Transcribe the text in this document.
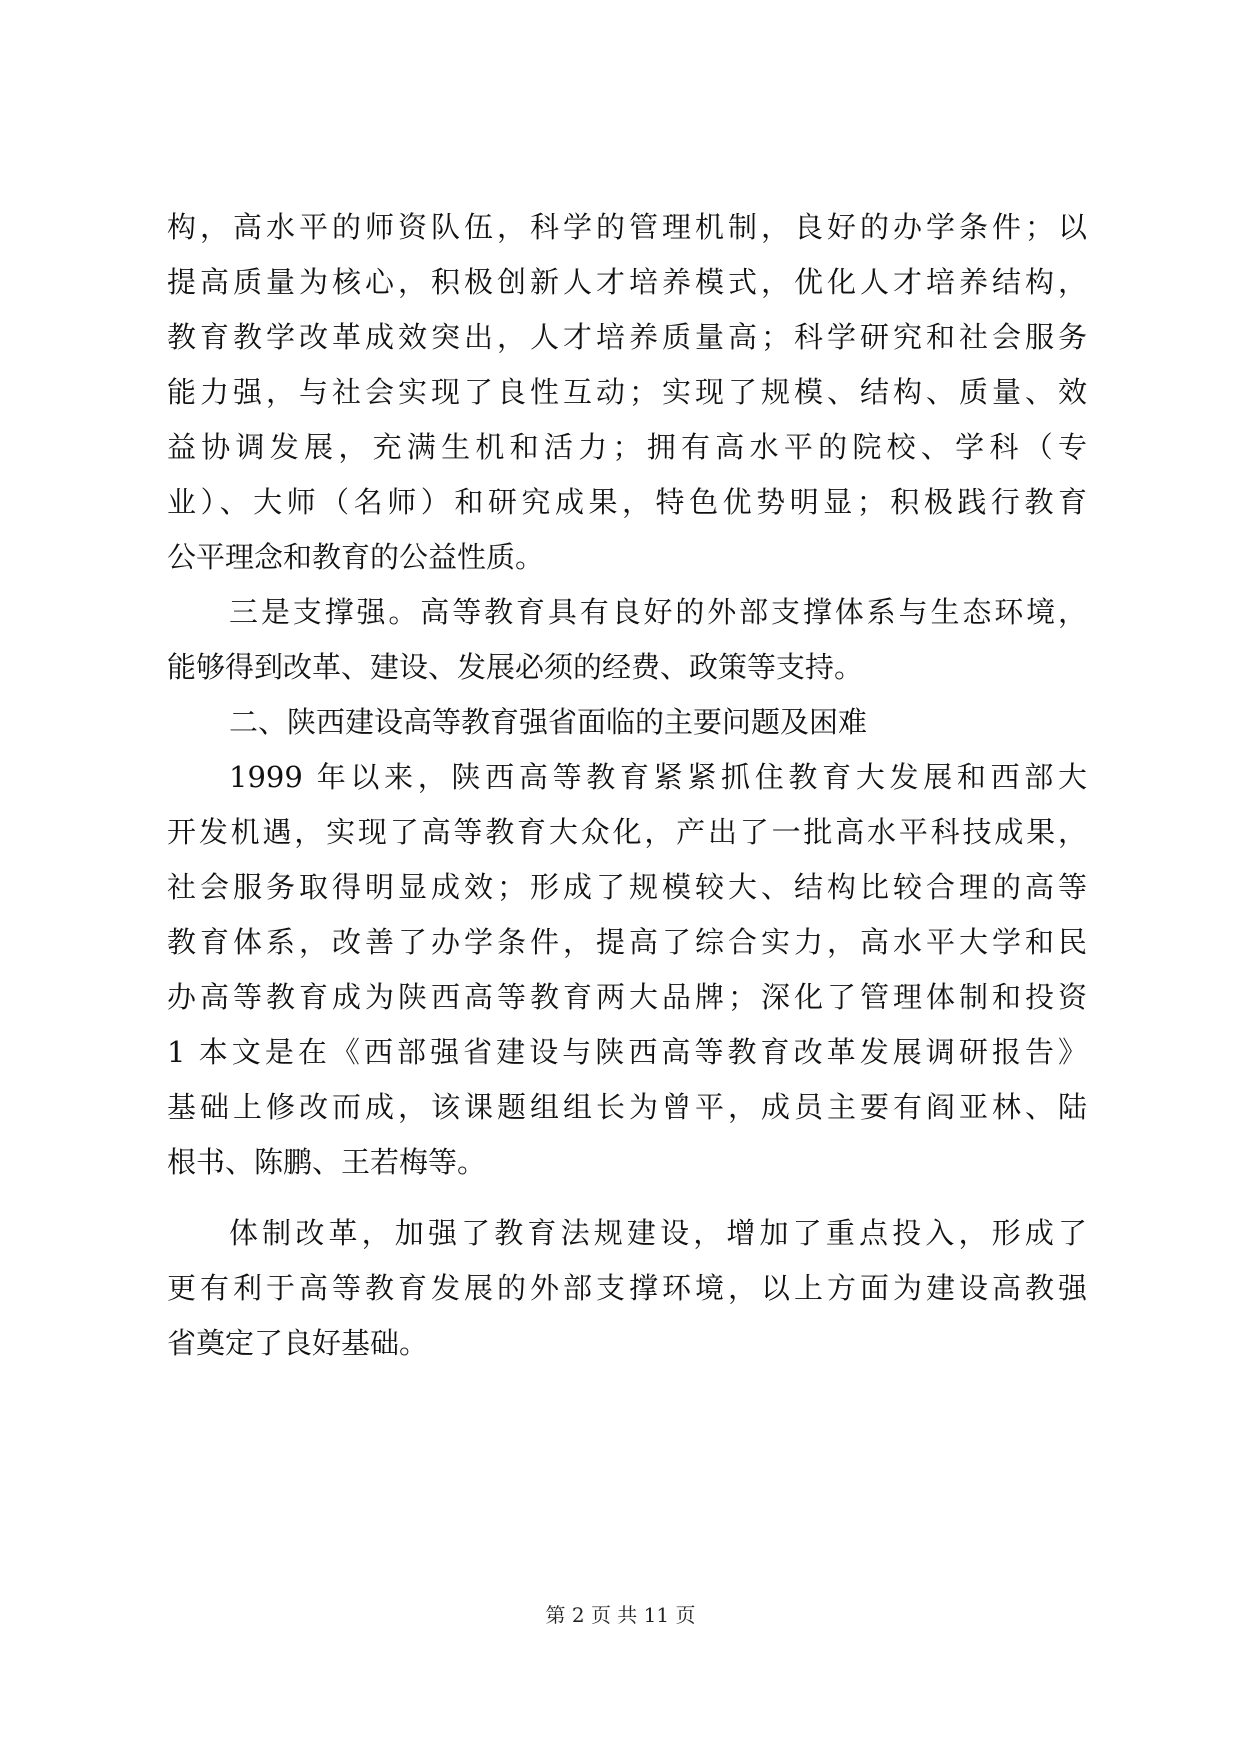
构，高水平的师资队伍，科学的管理机制，良好的办学条件；以
提高质量为核心，积极创新人才培养模式，优化人才培养结构，
教育教学改革成效突出，人才培养质量高；科学研究和社会服务
能力强，与社会实现了良性互动；实现了规模、结构、质量、效
益协调发展，充满生机和活力；拥有高水平的院校、学科（专
业）、大师（名师）和研究成果，特色优势明显；积极践行教育
公平理念和教育的公益性质。
三是支撑强。高等教育具有良好的外部支撑体系与生态环境，
能够得到改革、建设、发展必须的经费、政策等支持。
二、陕西建设高等教育强省面临的主要问题及困难
1999 年以来，陕西高等教育紧紧抓住教育大发展和西部大
开发机遇，实现了高等教育大众化，产出了一批高水平科技成果，
社会服务取得明显成效；形成了规模较大、结构比较合理的高等
教育体系，改善了办学条件，提高了综合实力，高水平大学和民
办高等教育成为陕西高等教育两大品牌；深化了管理体制和投资
1 本文是在《西部强省建设与陕西高等教育改革发展调研报告》
基础上修改而成，该课题组组长为曾平，成员主要有阎亚林、陆
根书、陈鹏、王若梅等。
体制改革，加强了教育法规建设，增加了重点投入，形成了
更有利于高等教育发展的外部支撑环境，以上方面为建设高教强
省奠定了良好基础。
第 2 页 共 11 页
